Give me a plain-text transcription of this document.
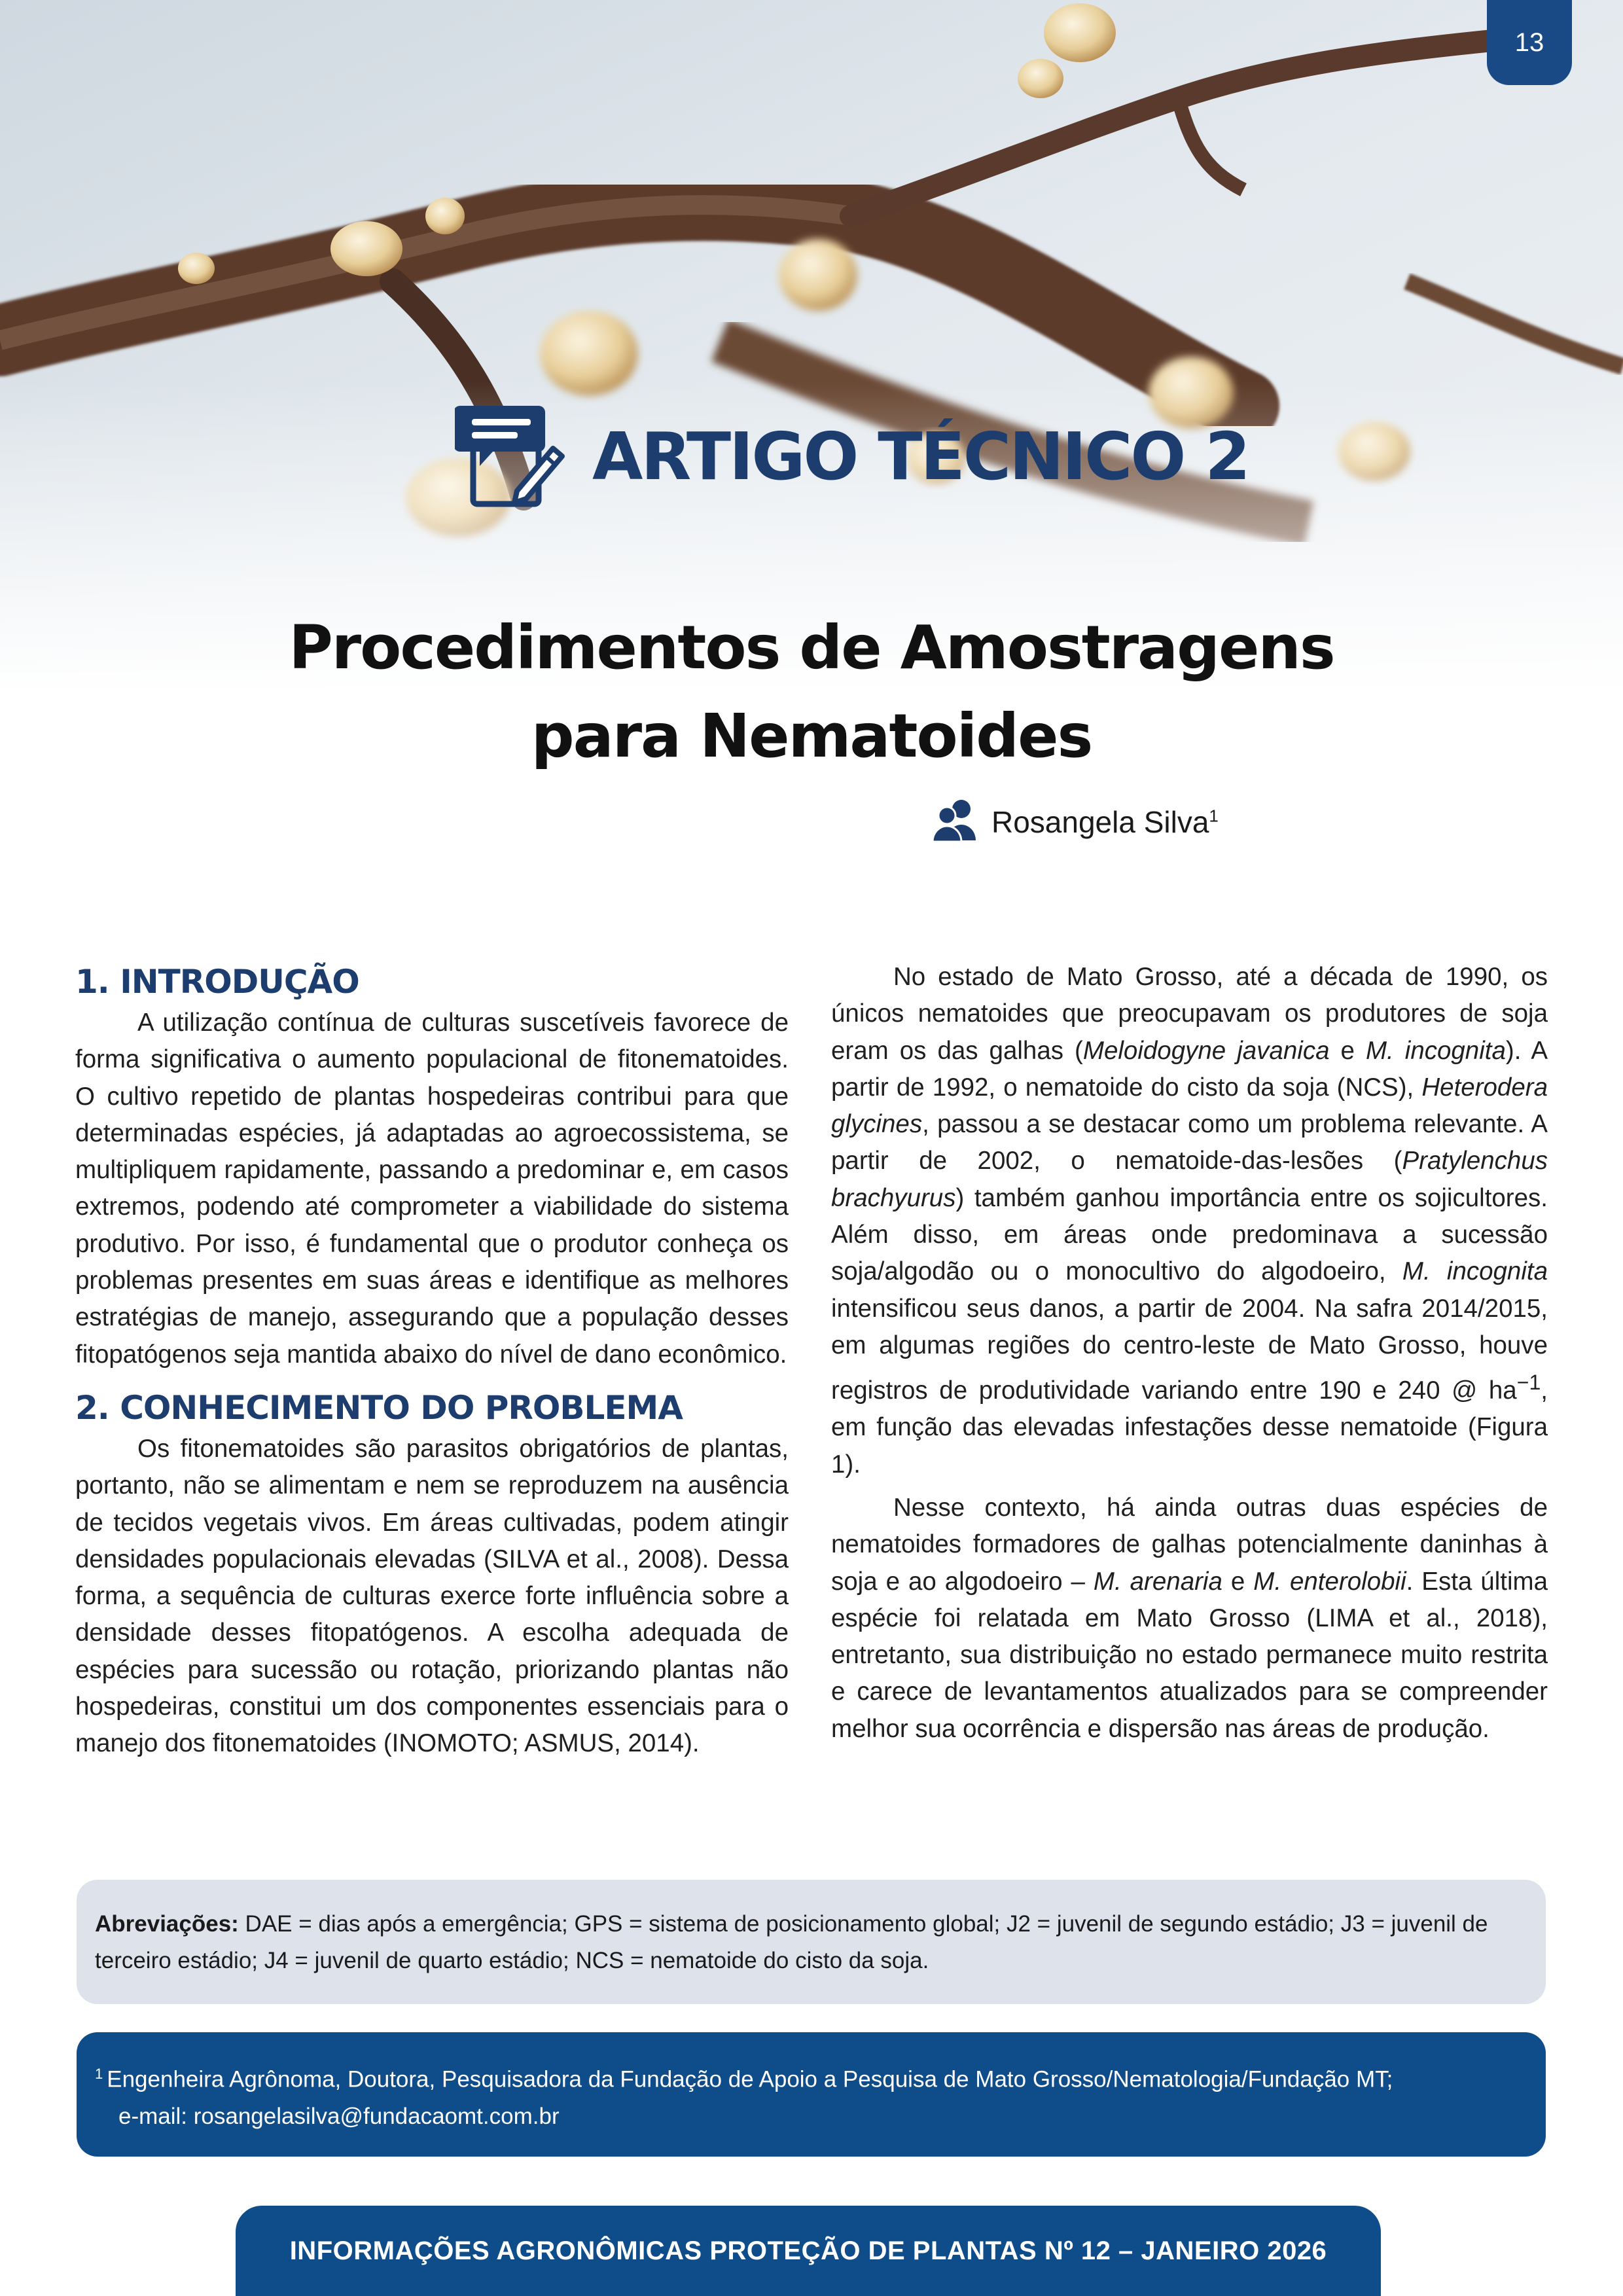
13
ARTIGO TÉCNICO 2
Procedimentos de Amostragens
para Nematoides
Rosangela Silva$^1$
1. INTRODUÇÃO

A utilização contínua de culturas suscetíveis favorece de forma significativa o aumento populacional de fitonematoides. O cultivo repetido de plantas hospedeiras contribui para que determinadas espécies, já adaptadas ao agroecossistema, se multipliquem rapidamente, passando a predominar e, em casos extremos, podendo até comprometer a viabilidade do sistema produtivo. Por isso, é fundamental que o produtor conheça os problemas presentes em suas áreas e identifique as melhores estratégias de manejo, assegurando que a população desses fitopatógenos seja mantida abaixo do nível de dano econômico.

2. CONHECIMENTO DO PROBLEMA

Os fitonematoides são parasitos obrigatórios de plantas, portanto, não se alimentam e nem se reproduzem na ausência de tecidos vegetais vivos. Em áreas cultivadas, podem atingir densidades populacionais elevadas (SILVA et al., 2008). Dessa forma, a sequência de culturas exerce forte influência sobre a densidade desses fitopatógenos. A escolha adequada de espécies para sucessão ou rotação, priorizando plantas não hospedeiras, constitui um dos componentes essenciais para o manejo dos fitonematoides (INOMOTO; ASMUS, 2014).

No estado de Mato Grosso, até a década de 1990, os únicos nematoides que preocupavam os produtores de soja eram os das galhas (Meloidogyne javanica e M. incognita). A partir de 1992, o nematoide do cisto da soja (NCS), Heterodera glycines, passou a se destacar como um problema relevante. A partir de 2002, o nematoide-das-lesões (Pratylenchus brachyurus) também ganhou importância entre os sojicultores. Além disso, em áreas onde predominava a sucessão soja/algodão ou o monocultivo do algodoeiro, M. incognita intensificou seus danos, a partir de 2004. Na safra 2014/2015, em algumas regiões do centro-leste de Mato Grosso, houve registros de produtividade variando entre 190 e 240 @ $ha^{-1}$, em função das elevadas infestações desse nematoide (Figura 1).

Nesse contexto, há ainda outras duas espécies de nematoides formadores de galhas potencialmente daninhas à soja e ao algodoeiro – M. arenaria e M. enterolobii. Esta última espécie foi relatada em Mato Grosso (LIMA et al., 2018), entretanto, sua distribuição no estado permanece muito restrita e carece de levantamentos atualizados para se compreender melhor sua ocorrência e dispersão nas áreas de produção.

Abreviações: DAE = dias após a emergência; GPS = sistema de posicionamento global; J2 = juvenil de segundo estádio; J3 = juvenil de terceiro estádio; J4 = juvenil de quarto estádio; NCS = nematoide do cisto da soja.
$^1$ Engenheira Agrônoma, Doutora, Pesquisadora da Fundação de Apoio a Pesquisa de Mato Grosso/Nematologia/Fundação MT;
e-mail: rosangelasilva@fundacaomt.com.br
INFORMAÇÕES AGRONÔMICAS PROTEÇÃO DE PLANTAS Nº 12 – JANEIRO 2026
